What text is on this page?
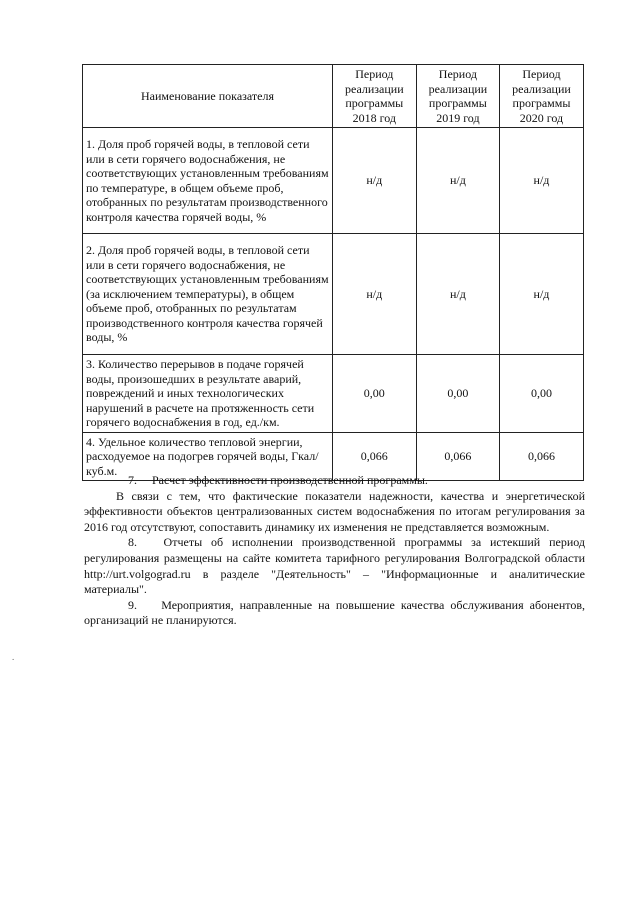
Наименование показателя	Период реализации программы 2018 год	Период реализации программы 2019 год	Период реализации программы 2020 год
1. Доля проб горячей воды, в тепловой сети или в сети горячего водоснабжения, не соответствующих установленным требованиям по температуре, в общем объеме проб, отобранных по результатам производственного контроля качества горячей воды, %	н/д	н/д	н/д
2. Доля проб горячей воды, в тепловой сети или в сети горячего водоснабжения, не соответствующих установленным требованиям (за исключением температуры), в общем объеме проб, отобранных по результатам производственного контроля качества горячей воды, %	н/д	н/д	н/д
3. Количество перерывов в подаче горячей воды, произошедших в результате аварий, повреждений и иных технологических нарушений в расчете на протяженность сети горячего водоснабжения в год, ед./км.	0,00	0,00	0,00
4. Удельное количество тепловой энергии, расходуемое на подогрев горячей воды, Гкал/куб.м.	0,066	0,066	0,066

7. Расчет эффективности производственной программы.

В связи с тем, что фактические показатели надежности, качества и энергетической эффективности объектов централизованных систем водоснабжения по итогам регулирования за 2016 год отсутствуют, сопоставить динамику их изменения не представляется возможным.

8. Отчеты об исполнении производственной программы за истекший период регулирования размещены на сайте комитета тарифного регулирования Волгоградской области http://urt.volgograd.ru в разделе "Деятельность" – "Информационные и аналитические материалы".

9. Мероприятия, направленные на повышение качества обслуживания абонентов, организаций не планируются.

.
